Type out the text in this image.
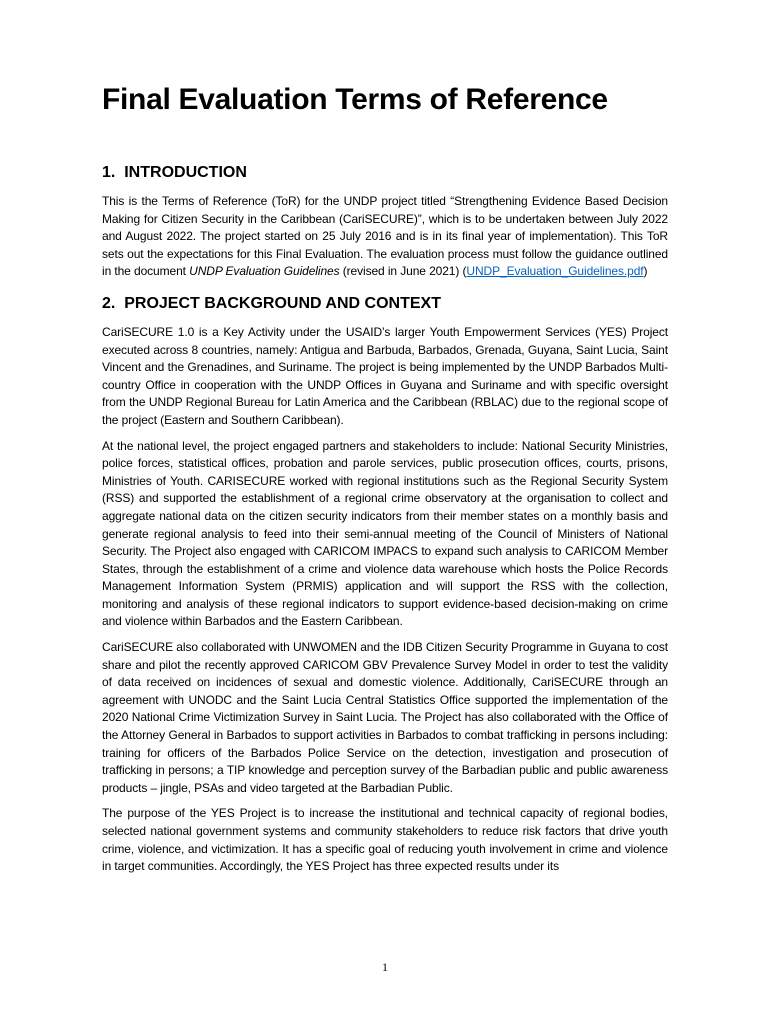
Final Evaluation Terms of Reference
1. INTRODUCTION

This is the Terms of Reference (ToR) for the UNDP project titled “Strengthening Evidence Based Decision Making for Citizen Security in the Caribbean (CariSECURE)”, which is to be undertaken between July 2022 and August 2022. The project started on 25 July 2016 and is in its final year of implementation). This ToR sets out the expectations for this Final Evaluation. The evaluation process must follow the guidance outlined in the document UNDP Evaluation Guidelines (revised in June 2021) (UNDP_Evaluation_Guidelines.pdf)

2. PROJECT BACKGROUND AND CONTEXT

CariSECURE 1.0 is a Key Activity under the USAID’s larger Youth Empowerment Services (YES) Project executed across 8 countries, namely: Antigua and Barbuda, Barbados, Grenada, Guyana, Saint Lucia, Saint Vincent and the Grenadines, and Suriname. The project is being implemented by the UNDP Barbados Multi-country Office in cooperation with the UNDP Offices in Guyana and Suriname and with specific oversight from the UNDP Regional Bureau for Latin America and the Caribbean (RBLAC) due to the regional scope of the project (Eastern and Southern Caribbean).

At the national level, the project engaged partners and stakeholders to include: National Security Ministries, police forces, statistical offices, probation and parole services, public prosecution offices, courts, prisons, Ministries of Youth. CARISECURE worked with regional institutions such as the Regional Security System (RSS) and supported the establishment of a regional crime observatory at the organisation to collect and aggregate national data on the citizen security indicators from their member states on a monthly basis and generate regional analysis to feed into their semi-annual meeting of the Council of Ministers of National Security. The Project also engaged with CARICOM IMPACS to expand such analysis to CARICOM Member States, through the establishment of a crime and violence data warehouse which hosts the Police Records Management Information System (PRMIS) application and will support the RSS with the collection, monitoring and analysis of these regional indicators to support evidence-based decision-making on crime and violence within Barbados and the Eastern Caribbean.

CariSECURE also collaborated with UNWOMEN and the IDB Citizen Security Programme in Guyana to cost share and pilot the recently approved CARICOM GBV Prevalence Survey Model in order to test the validity of data received on incidences of sexual and domestic violence. Additionally, CariSECURE through an agreement with UNODC and the Saint Lucia Central Statistics Office supported the implementation of the 2020 National Crime Victimization Survey in Saint Lucia. The Project has also collaborated with the Office of the Attorney General in Barbados to support activities in Barbados to combat trafficking in persons including: training for officers of the Barbados Police Service on the detection, investigation and prosecution of trafficking in persons; a TIP knowledge and perception survey of the Barbadian public and public awareness products – jingle, PSAs and video targeted at the Barbadian Public.

The purpose of the YES Project is to increase the institutional and technical capacity of regional bodies, selected national government systems and community stakeholders to reduce risk factors that drive youth crime, violence, and victimization. It has a specific goal of reducing youth involvement in crime and violence in target communities. Accordingly, the YES Project has three expected results under its

1
